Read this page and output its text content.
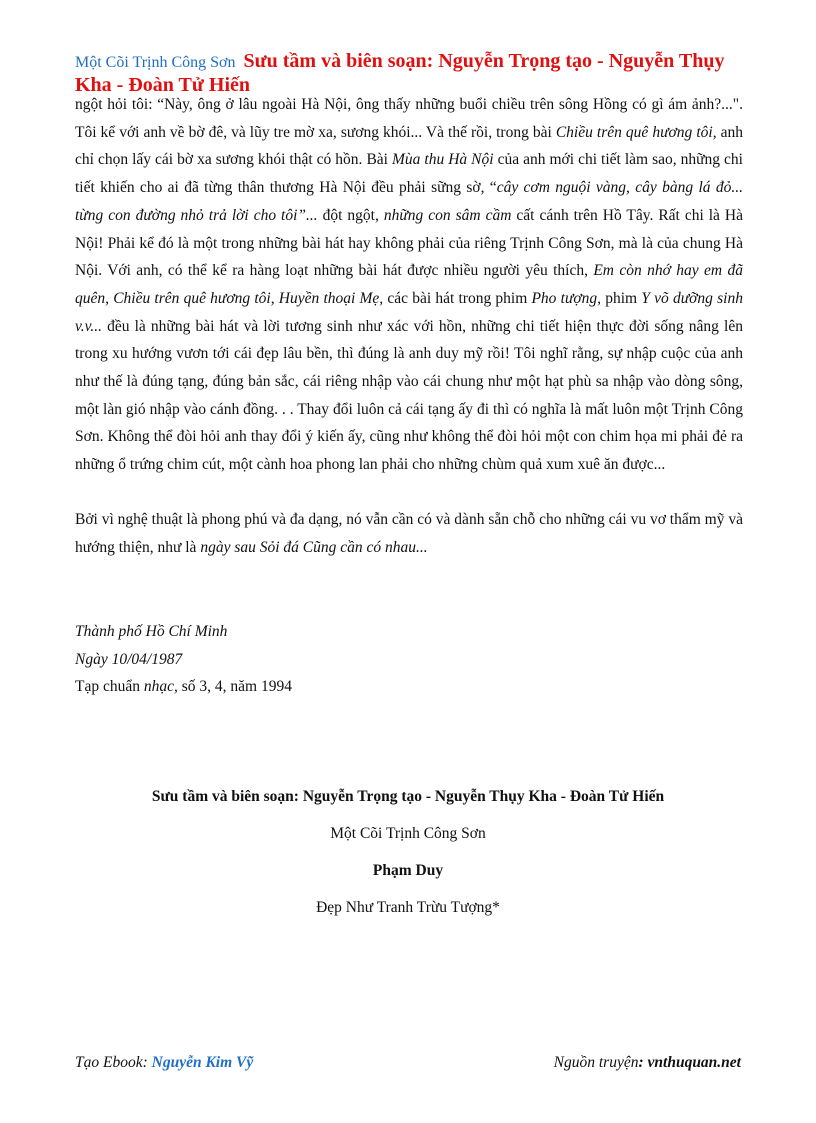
Một Cõi Trịnh Công Sơn Sưu tầm và biên soạn: Nguyễn Trọng tạo - Nguyễn Thụy Kha - Đoàn Tử Hiến

ngột hỏi tôi: “Này, ông ở lâu ngoài Hà Nội, ông thấy những buổi chiều trên sông Hồng có gì ám ảnh?...". Tôi kể với anh về bờ đê, và lũy tre mờ xa, sương khói... Và thế rồi, trong bài Chiều trên quê hương tôi, anh chỉ chọn lấy cái bờ xa sương khói thật có hồn. Bài Mùa thu Hà Nội của anh mới chi tiết làm sao, những chi tiết khiến cho ai đã từng thân thương Hà Nội đều phải sững sờ, “cây cơm nguội vàng, cây bàng lá đỏ... từng con đường nhỏ trả lời cho tôi”... đột ngột, những con sâm cầm cất cánh trên Hồ Tây. Rất chi là Hà Nội! Phải kể đó là một trong những bài hát hay không phải của riêng Trịnh Công Sơn, mà là của chung Hà Nội. Với anh, có thể kể ra hàng loạt những bài hát được nhiều người yêu thích, Em còn nhớ hay em đã quên, Chiều trên quê hương tôi, Huyền thoại Mẹ, các bài hát trong phim Pho tượng, phim Y võ dưỡng sinh v.v... đều là những bài hát và lời tương sinh như xác với hồn, những chi tiết hiện thực đời sống nâng lên trong xu hướng vươn tới cái đẹp lâu bền, thì đúng là anh duy mỹ rồi! Tôi nghĩ rằng, sự nhập cuộc của anh như thế là đúng tạng, đúng bản sắc, cái riêng nhập vào cái chung như một hạt phù sa nhập vào dòng sông, một làn gió nhập vào cánh đồng. . . Thay đổi luôn cả cái tạng ấy đi thì có nghĩa là mất luôn một Trịnh Công Sơn. Không thể đòi hỏi anh thay đổi ý kiến ấy, cũng như không thể đòi hỏi một con chim họa mi phải đẻ ra những ổ trứng chim cút, một cành hoa phong lan phải cho những chùm quả xum xuê ăn được...

Bởi vì nghệ thuật là phong phú và đa dạng, nó vẫn cần có và dành sẵn chỗ cho những cái vu vơ thẩm mỹ và hướng thiện, như là ngày sau Sỏi đá Cũng cần có nhau...

Thành phố Hồ Chí Minh
Ngày 10/04/1987
Tạp chuẩn nhạc, số 3, 4, năm 1994
Sưu tầm và biên soạn: Nguyễn Trọng tạo - Nguyễn Thụy Kha - Đoàn Tử Hiến
Một Cõi Trịnh Công Sơn
Phạm Duy
Đẹp Như Tranh Trừu Tượng*
Tạo Ebook: Nguyễn Kim Vỹ	Nguồn truyện: vnthuquan.net
